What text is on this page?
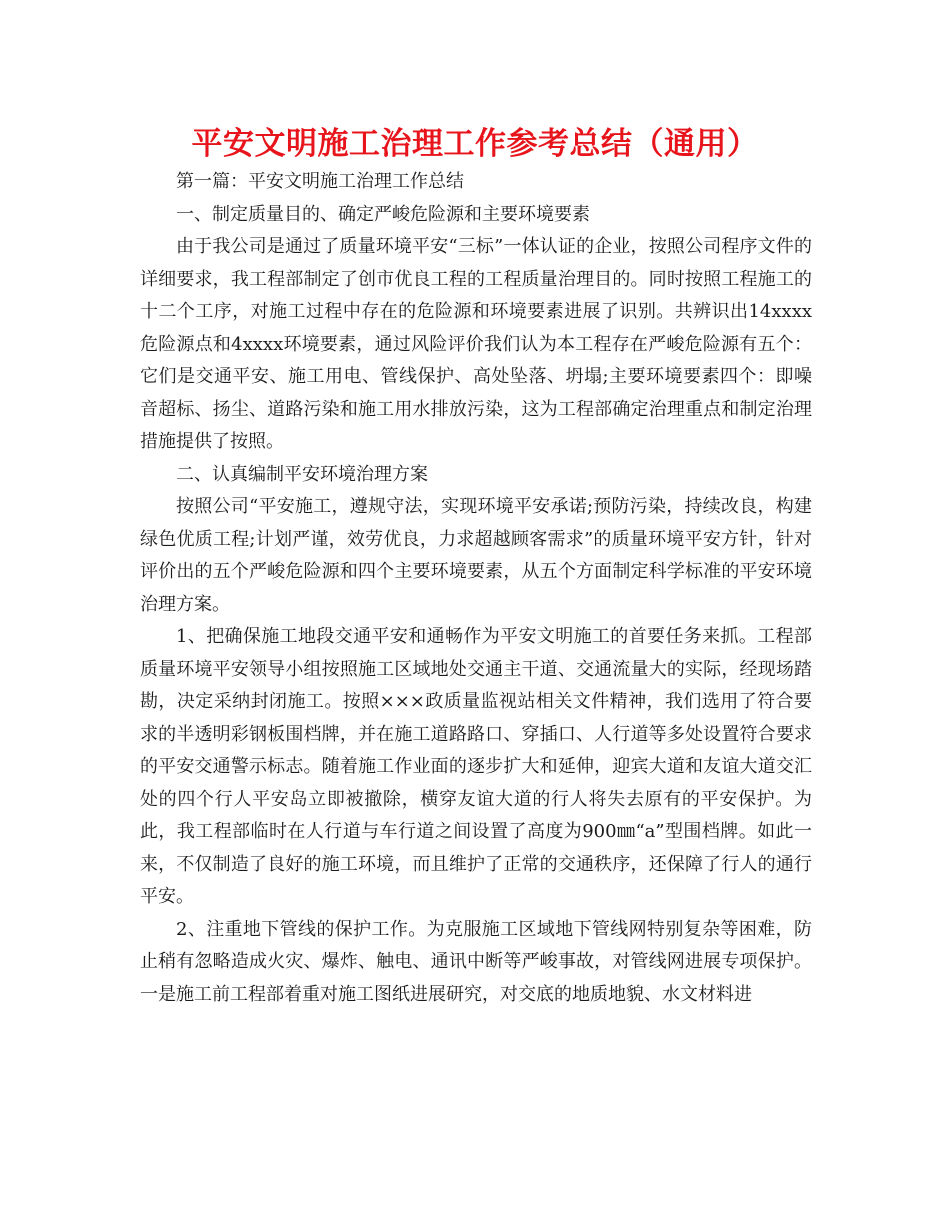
平安文明施工治理工作参考总结（通用）

第一篇：平安文明施工治理工作总结

一、制定质量目的、确定严峻危险源和主要环境要素

由于我公司是通过了质量环境平安“三标”一体认证的企业，按照公司程序文件的详细要求，我工程部制定了创市优良工程的工程质量治理目的。同时按照工程施工的十二个工序，对施工过程中存在的危险源和环境要素进展了识别。共辨识出14xxxx危险源点和4xxxx环境要素，通过风险评价我们认为本工程存在严峻危险源有五个：它们是交通平安、施工用电、管线保护、高处坠落、坍塌;主要环境要素四个：即噪音超标、扬尘、道路污染和施工用水排放污染，这为工程部确定治理重点和制定治理措施提供了按照。

二、认真编制平安环境治理方案

按照公司“平安施工，遵规守法，实现环境平安承诺;预防污染，持续改良，构建绿色优质工程;计划严谨，效劳优良，力求超越顾客需求”的质量环境平安方针，针对评价出的五个严峻危险源和四个主要环境要素，从五个方面制定科学标准的平安环境治理方案。

1、把确保施工地段交通平安和通畅作为平安文明施工的首要任务来抓。工程部质量环境平安领导小组按照施工区域地处交通主干道、交通流量大的实际，经现场踏勘，决定采纳封闭施工。按照×××政质量监视站相关文件精神，我们选用了符合要求的半透明彩钢板围档牌，并在施工道路路口、穿插口、人行道等多处设置符合要求的平安交通警示标志。随着施工作业面的逐步扩大和延伸，迎宾大道和友谊大道交汇处的四个行人平安岛立即被撤除，横穿友谊大道的行人将失去原有的平安保护。为此，我工程部临时在人行道与车行道之间设置了高度为900㎜“a”型围档牌。如此一来，不仅制造了良好的施工环境，而且维护了正常的交通秩序，还保障了行人的通行平安。

2、注重地下管线的保护工作。为克服施工区域地下管线网特别复杂等困难，防止稍有忽略造成火灾、爆炸、触电、通讯中断等严峻事故，对管线网进展专项保护。一是施工前工程部着重对施工图纸进展研究，对交底的地质地貌、水文材料进
